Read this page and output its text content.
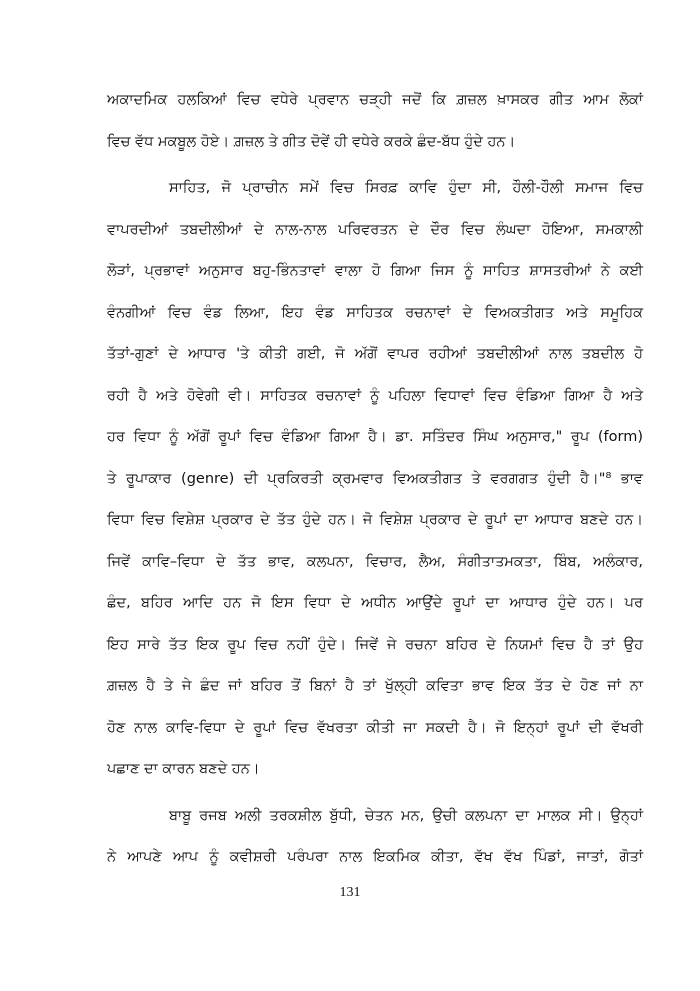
ਅਕਾਦਮਿਕ ਹਲਕਿਆਂ ਵਿਚ ਵਧੇਰੇ ਪ੍ਰਵਾਨ ਚੜ੍ਹੀ ਜਦੋਂ ਕਿ ਗ਼ਜ਼ਲ ਖ਼ਾਸਕਰ ਗੀਤ ਆਮ ਲੋਕਾਂ
ਵਿਚ ਵੱਧ ਮਕਬੂਲ ਹੋਏ। ਗ਼ਜ਼ਲ ਤੇ ਗੀਤ ਦੋਵੇਂ ਹੀ ਵਧੇਰੇ ਕਰਕੇ ਛੰਦ-ਬੱਧ ਹੁੰਦੇ ਹਨ।
ਸਾਹਿਤ, ਜੋ ਪ੍ਰਾਚੀਨ ਸਮੇਂ ਵਿਚ ਸਿਰਫ਼ ਕਾਵਿ ਹੁੰਦਾ ਸੀ, ਹੌਲੀ-ਹੌਲੀ ਸਮਾਜ ਵਿਚ
ਵਾਪਰਦੀਆਂ ਤਬਦੀਲੀਆਂ ਦੇ ਨਾਲ-ਨਾਲ ਪਰਿਵਰਤਨ ਦੇ ਦੌਰ ਵਿਚ ਲੰਘਦਾ ਹੋਇਆ, ਸਮਕਾਲੀ
ਲੋੜਾਂ, ਪ੍ਰਭਾਵਾਂ ਅਨੁਸਾਰ ਬਹੁ-ਭਿੰਨਤਾਵਾਂ ਵਾਲਾ ਹੋ ਗਿਆ ਜਿਸ ਨੂੰ ਸਾਹਿਤ ਸ਼ਾਸਤਰੀਆਂ ਨੇ ਕਈ
ਵੰਨਗੀਆਂ ਵਿਚ ਵੰਡ ਲਿਆ, ਇਹ ਵੰਡ ਸਾਹਿਤਕ ਰਚਨਾਵਾਂ ਦੇ ਵਿਅਕਤੀਗਤ ਅਤੇ ਸਮੂਹਿਕ
ਤੱਤਾਂ-ਗੁਣਾਂ ਦੇ ਆਧਾਰ 'ਤੇ ਕੀਤੀ ਗਈ, ਜੋ ਅੱਗੋਂ ਵਾਪਰ ਰਹੀਆਂ ਤਬਦੀਲੀਆਂ ਨਾਲ ਤਬਦੀਲ ਹੋ
ਰਹੀ ਹੈ ਅਤੇ ਹੋਵੇਗੀ ਵੀ। ਸਾਹਿਤਕ ਰਚਨਾਵਾਂ ਨੂੰ ਪਹਿਲਾ ਵਿਧਾਵਾਂ ਵਿਚ ਵੰਡਿਆ ਗਿਆ ਹੈ ਅਤੇ
ਹਰ ਵਿਧਾ ਨੂੰ ਅੱਗੋਂ ਰੂਪਾਂ ਵਿਚ ਵੰਡਿਆ ਗਿਆ ਹੈ। ਡਾ. ਸਤਿੰਦਰ ਸਿੰਘ ਅਨੁਸਾਰ," ਰੂਪ (form)
ਤੇ ਰੂਪਾਕਾਰ (genre) ਦੀ ਪ੍ਰਕਿਰਤੀ ਕ੍ਰਮਵਾਰ ਵਿਅਕਤੀਗਤ ਤੇ ਵਰਗਗਤ ਹੁੰਦੀ ਹੈ।"⁸ ਭਾਵ
ਵਿਧਾ ਵਿਚ ਵਿਸ਼ੇਸ਼ ਪ੍ਰਕਾਰ ਦੇ ਤੱਤ ਹੁੰਦੇ ਹਨ। ਜੋ ਵਿਸ਼ੇਸ਼ ਪ੍ਰਕਾਰ ਦੇ ਰੂਪਾਂ ਦਾ ਆਧਾਰ ਬਣਦੇ ਹਨ।
ਜਿਵੇਂ ਕਾਵਿ–ਵਿਧਾ ਦੇ ਤੱਤ ਭਾਵ, ਕਲਪਨਾ, ਵਿਚਾਰ, ਲੈਅ, ਸੰਗੀਤਾਤਮਕਤਾ, ਬਿੰਬ, ਅਲੰਕਾਰ,
ਛੰਦ, ਬਹਿਰ ਆਦਿ ਹਨ ਜੋ ਇਸ ਵਿਧਾ ਦੇ ਅਧੀਨ ਆਉਂਦੇ ਰੂਪਾਂ ਦਾ ਆਧਾਰ ਹੁੰਦੇ ਹਨ। ਪਰ
ਇਹ ਸਾਰੇ ਤੱਤ ਇਕ ਰੂਪ ਵਿਚ ਨਹੀਂ ਹੁੰਦੇ। ਜਿਵੇਂ ਜੇ ਰਚਨਾ ਬਹਿਰ ਦੇ ਨਿਯਮਾਂ ਵਿਚ ਹੈ ਤਾਂ ਉਹ
ਗ਼ਜ਼ਲ ਹੈ ਤੇ ਜੇ ਛੰਦ ਜਾਂ ਬਹਿਰ ਤੋਂ ਬਿਨਾਂ ਹੈ ਤਾਂ ਖੁੱਲ੍ਹੀ ਕਵਿਤਾ ਭਾਵ ਇਕ ਤੱਤ ਦੇ ਹੋਣ ਜਾਂ ਨਾ
ਹੋਣ ਨਾਲ ਕਾਵਿ-ਵਿਧਾ ਦੇ ਰੂਪਾਂ ਵਿਚ ਵੱਖਰਤਾ ਕੀਤੀ ਜਾ ਸਕਦੀ ਹੈ। ਜੋ ਇਨ੍ਹਾਂ ਰੂਪਾਂ ਦੀ ਵੱਖਰੀ
ਪਛਾਣ ਦਾ ਕਾਰਨ ਬਣਦੇ ਹਨ।
ਬਾਬੂ ਰਜਬ ਅਲੀ ਤਰਕਸ਼ੀਲ ਬੁੱਧੀ, ਚੇਤਨ ਮਨ, ਉਚੀ ਕਲਪਨਾ ਦਾ ਮਾਲਕ ਸੀ। ਉਨ੍ਹਾਂ
ਨੇ ਆਪਣੇ ਆਪ ਨੂੰ ਕਵੀਸ਼ਰੀ ਪਰੰਪਰਾ ਨਾਲ ਇਕਮਿਕ ਕੀਤਾ, ਵੱਖ ਵੱਖ ਪਿੰਡਾਂ, ਜਾਤਾਂ, ਗੋਤਾਂ
131
